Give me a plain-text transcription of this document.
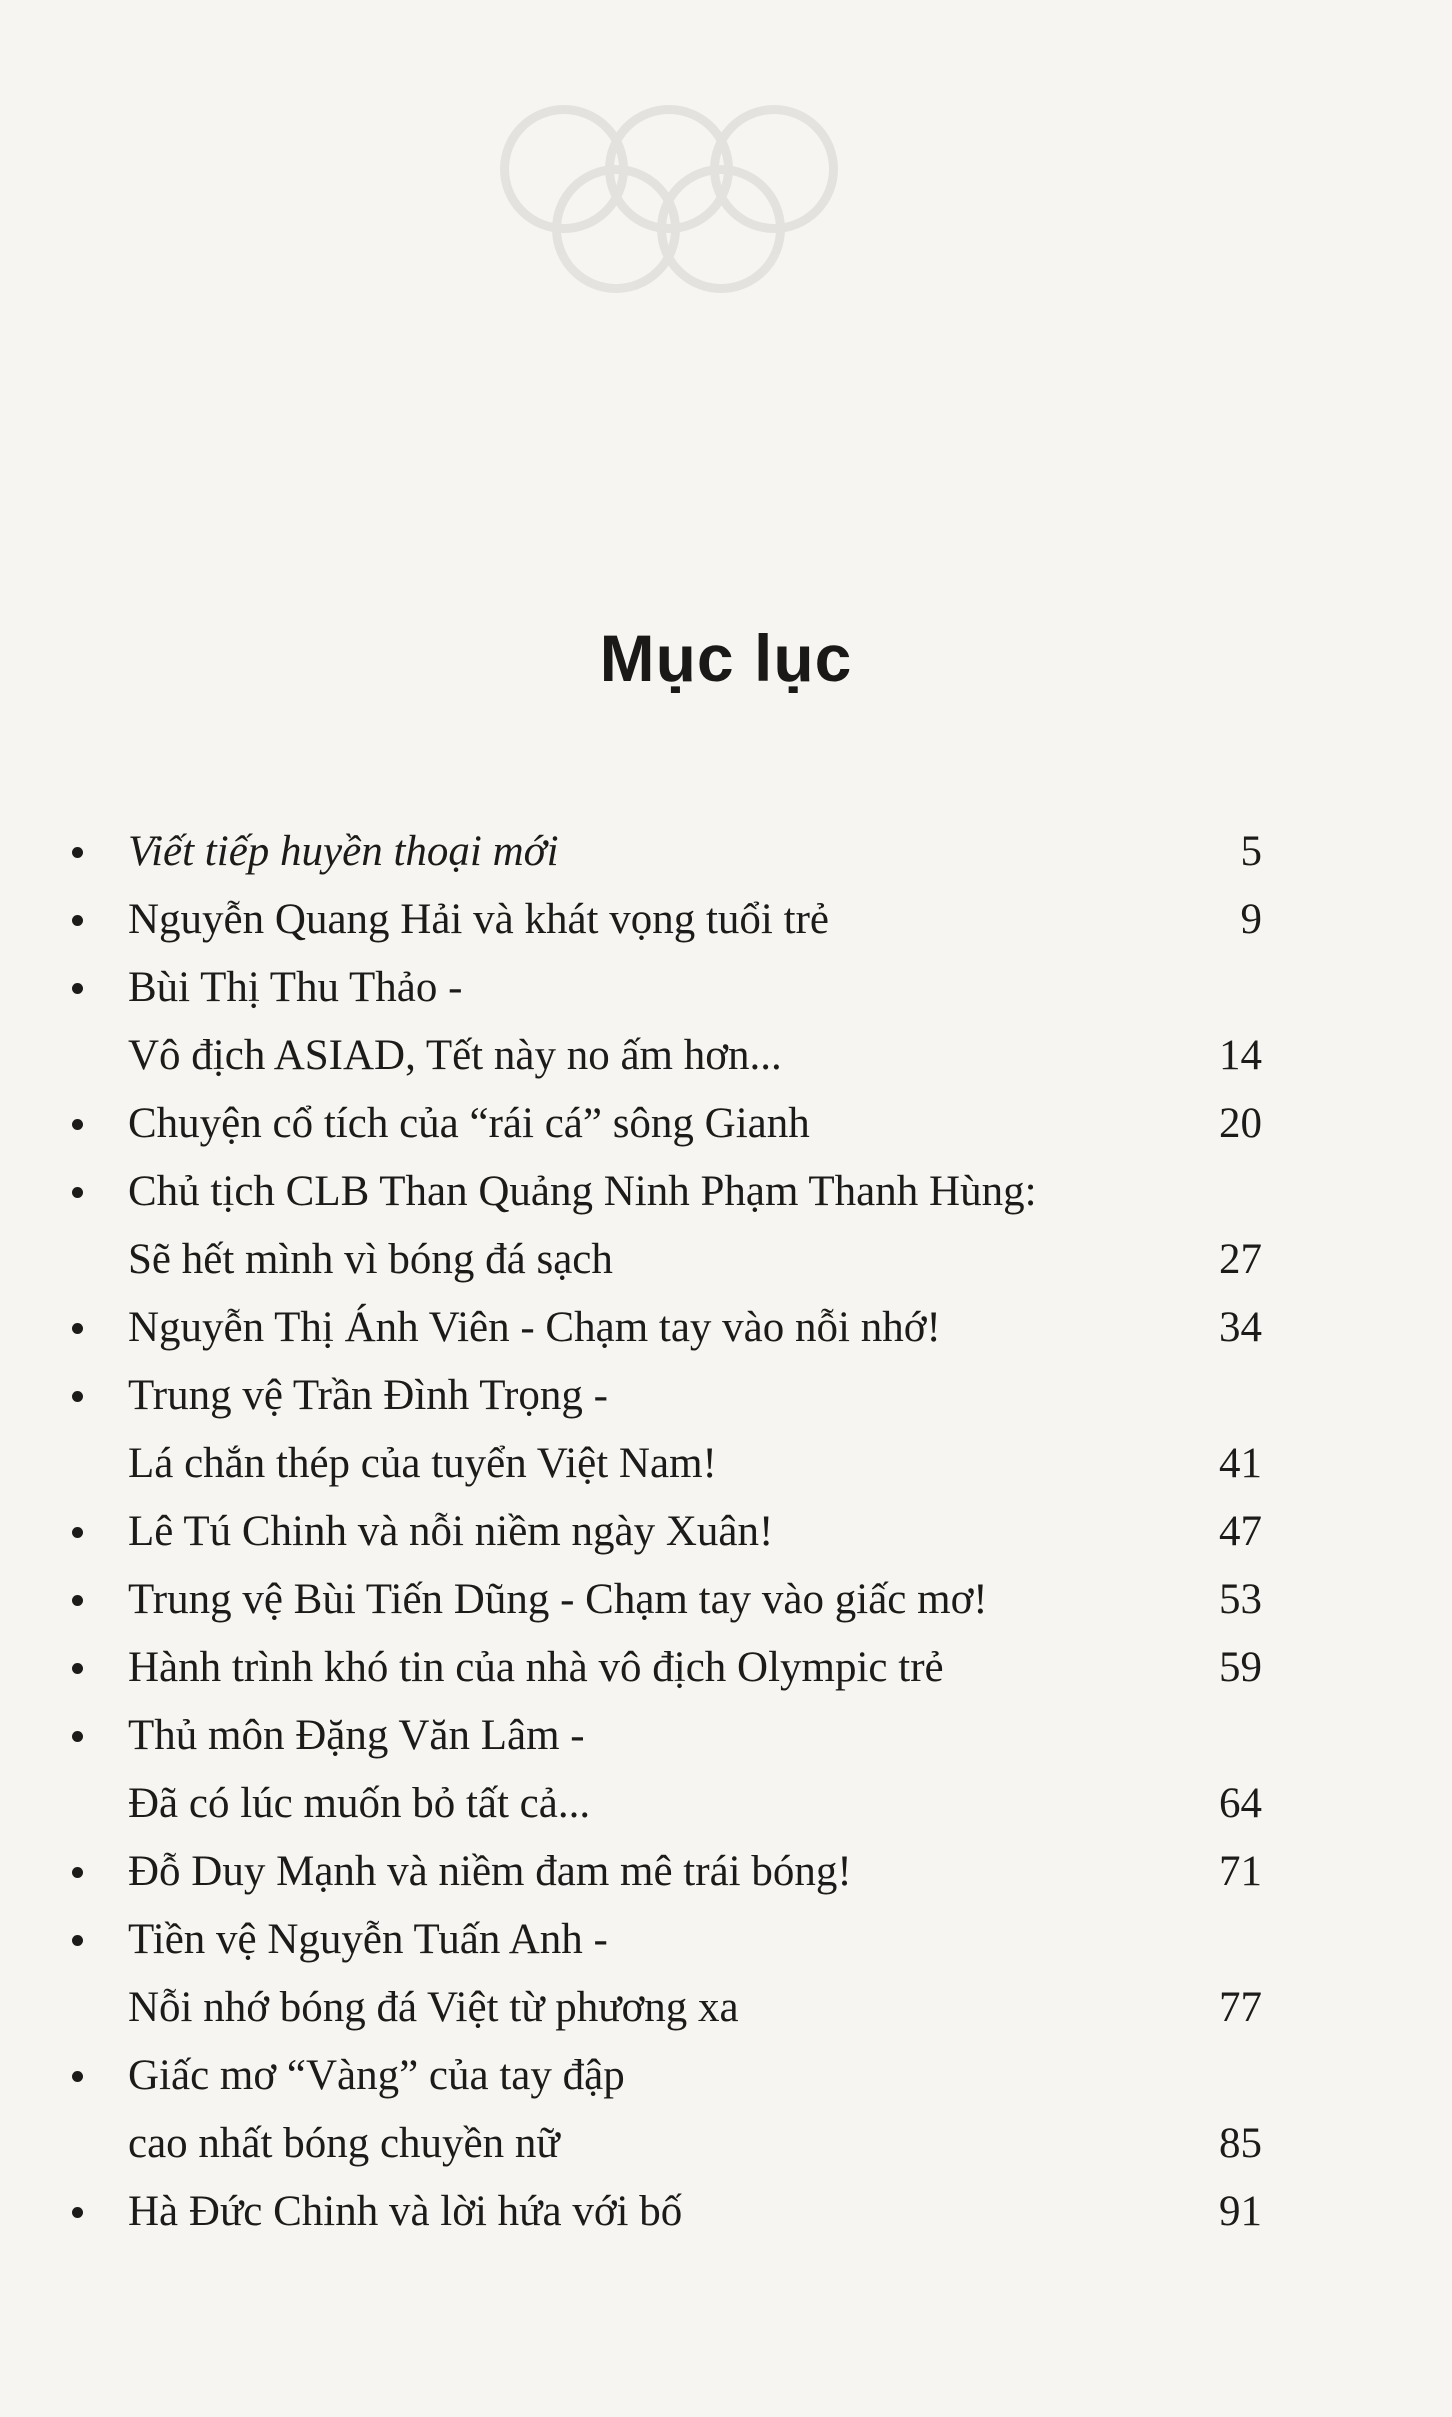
Mục lục
Viết tiếp huyền thoại mới	5
Nguyễn Quang Hải và khát vọng tuổi trẻ	9
Bùi Thị Thu Thảo -
Vô địch ASIAD, Tết này no ấm hơn...	14
Chuyện cổ tích của “rái cá” sông Gianh	20
Chủ tịch CLB Than Quảng Ninh Phạm Thanh Hùng:
Sẽ hết mình vì bóng đá sạch	27
Nguyễn Thị Ánh Viên - Chạm tay vào nỗi nhớ!	34
Trung vệ Trần Đình Trọng -
Lá chắn thép của tuyển Việt Nam!	41
Lê Tú Chinh và nỗi niềm ngày Xuân!	47
Trung vệ Bùi Tiến Dũng - Chạm tay vào giấc mơ!	53
Hành trình khó tin của nhà vô địch Olympic trẻ	59
Thủ môn Đặng Văn Lâm -
Đã có lúc muốn bỏ tất cả...	64
Đỗ Duy Mạnh và niềm đam mê trái bóng!	71
Tiền vệ Nguyễn Tuấn Anh -
Nỗi nhớ bóng đá Việt từ phương xa	77
Giấc mơ “Vàng” của tay đập
cao nhất bóng chuyền nữ	85
Hà Đức Chinh và lời hứa với bố	91
